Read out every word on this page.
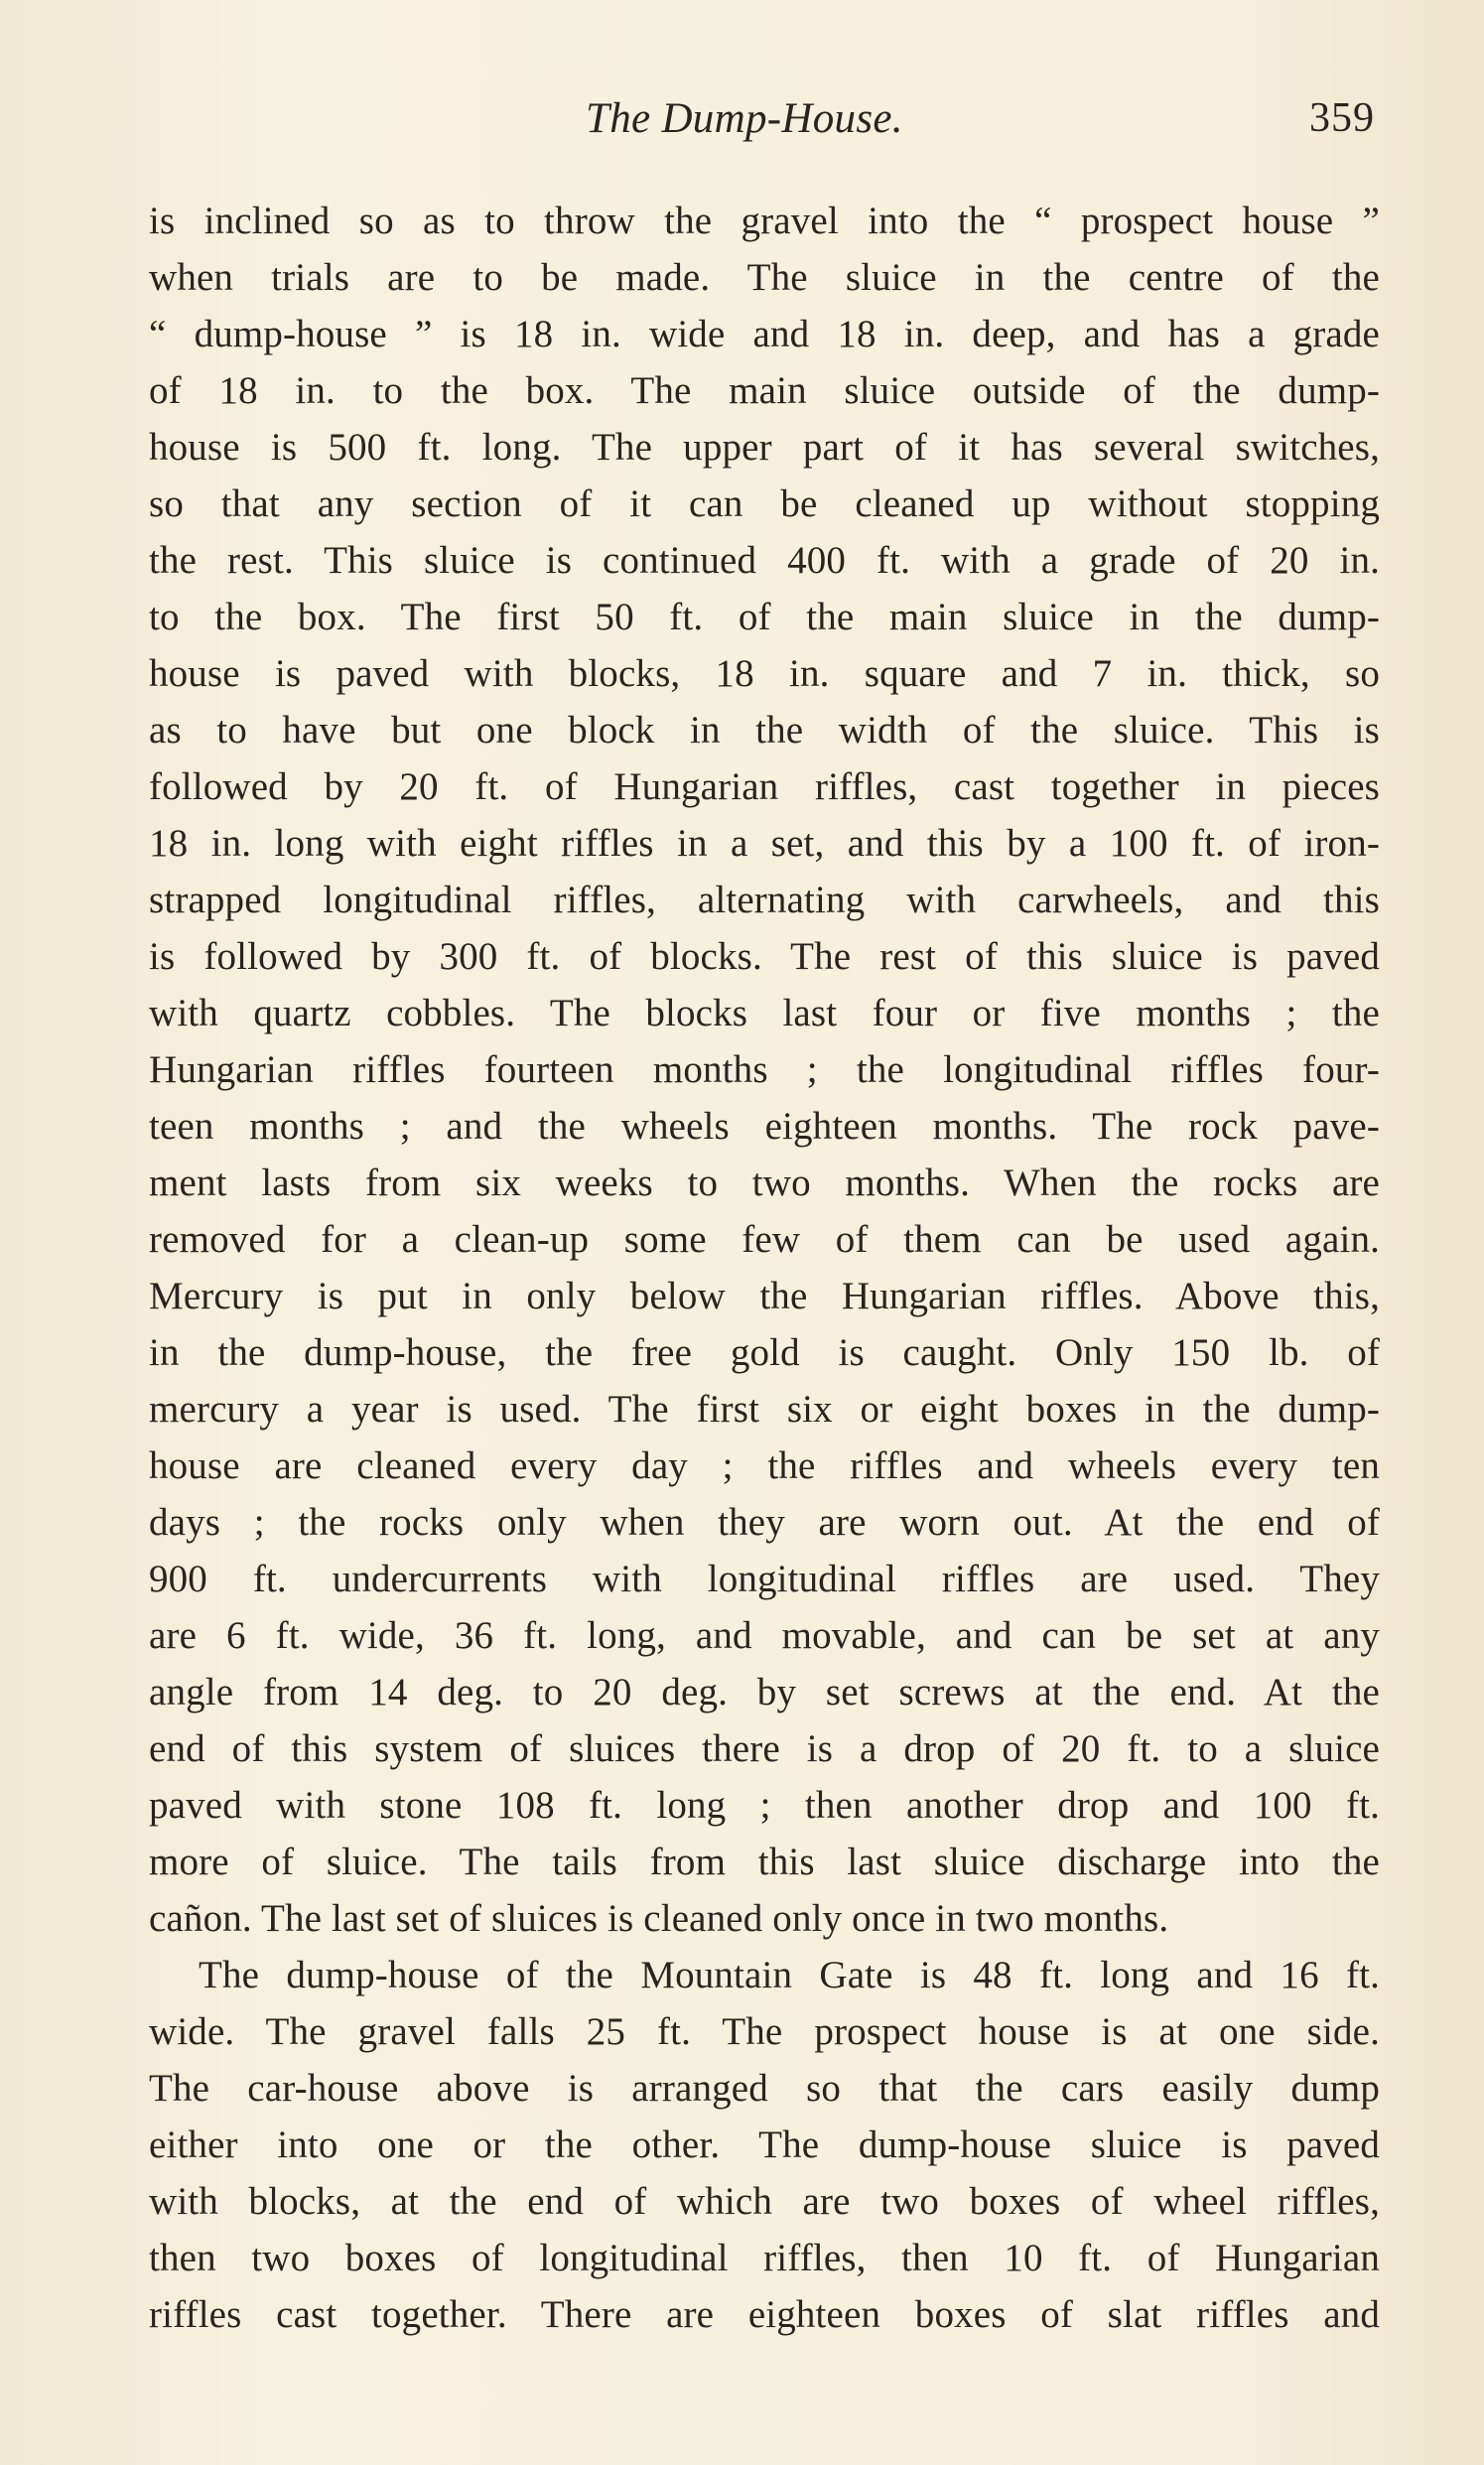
The Dump-House.	359
is inclined so as to throw the gravel into the “ prospect house ”
when trials are to be made. The sluice in the centre of the
“ dump-house ” is 18 in. wide and 18 in. deep, and has a grade
of 18 in. to the box. The main sluice outside of the dump-
house is 500 ft. long. The upper part of it has several switches,
so that any section of it can be cleaned up without stopping
the rest. This sluice is continued 400 ft. with a grade of 20 in.
to the box. The first 50 ft. of the main sluice in the dump-
house is paved with blocks, 18 in. square and 7 in. thick, so
as to have but one block in the width of the sluice. This is
followed by 20 ft. of Hungarian riffles, cast together in pieces
18 in. long with eight riffles in a set, and this by a 100 ft. of iron-
strapped longitudinal riffles, alternating with carwheels, and this
is followed by 300 ft. of blocks. The rest of this sluice is paved
with quartz cobbles. The blocks last four or five months ; the
Hungarian riffles fourteen months ; the longitudinal riffles four-
teen months ; and the wheels eighteen months. The rock pave-
ment lasts from six weeks to two months. When the rocks are
removed for a clean-up some few of them can be used again.
Mercury is put in only below the Hungarian riffles. Above this,
in the dump-house, the free gold is caught. Only 150 lb. of
mercury a year is used. The first six or eight boxes in the dump-
house are cleaned every day ; the riffles and wheels every ten
days ; the rocks only when they are worn out. At the end of
900 ft. undercurrents with longitudinal riffles are used. They
are 6 ft. wide, 36 ft. long, and movable, and can be set at any
angle from 14 deg. to 20 deg. by set screws at the end. At the
end of this system of sluices there is a drop of 20 ft. to a sluice
paved with stone 108 ft. long ; then another drop and 100 ft.
more of sluice. The tails from this last sluice discharge into the
cañon. The last set of sluices is cleaned only once in two months.
The dump-house of the Mountain Gate is 48 ft. long and 16 ft.
wide. The gravel falls 25 ft. The prospect house is at one side.
The car-house above is arranged so that the cars easily dump
either into one or the other. The dump-house sluice is paved
with blocks, at the end of which are two boxes of wheel riffles,
then two boxes of longitudinal riffles, then 10 ft. of Hungarian
riffles cast together. There are eighteen boxes of slat riffles and
